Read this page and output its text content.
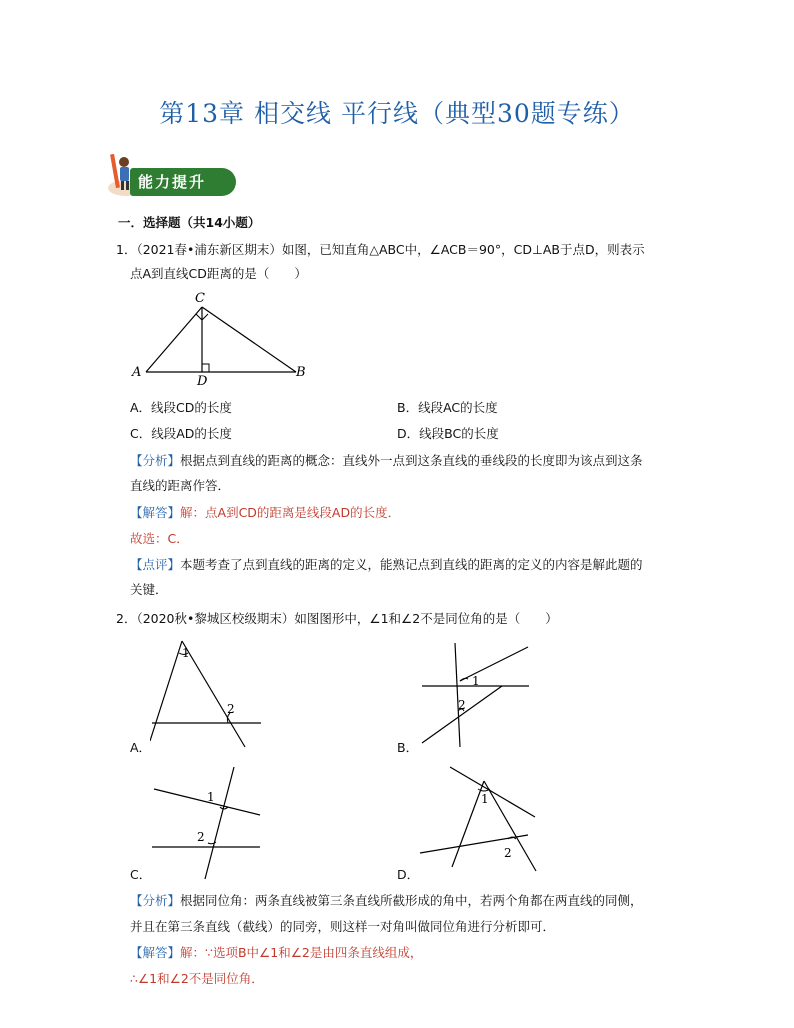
第13章 相交线 平行线（典型30题专练）
能力提升
一．选择题（共14小题）
1．（2021春•浦东新区期末）如图，已知直角△ABC中，∠ACB＝90°，CD⊥AB于点D，则表示
点A到直线CD距离的是（　　）
C
A	B
D
A．线段CD的长度	B．线段AC的长度
C．线段AD的长度	D．线段BC的长度
【分析】根据点到直线的距离的概念：直线外一点到这条直线的垂线段的长度即为该点到这条
直线的距离作答．
【解答】解：点A到CD的距离是线段AD的长度．
故选：C．
【点评】本题考查了点到直线的距离的定义，能熟记点到直线的距离的定义的内容是解此题的
关键．
2．（2020秋•黎城区校级期末）如图图形中，∠1和∠2不是同位角的是（　　）
1
2
A．
1
2
B．
1
2
C．
1
2
D．
【分析】根据同位角：两条直线被第三条直线所截形成的角中，若两个角都在两直线的同侧，
并且在第三条直线（截线）的同旁，则这样一对角叫做同位角进行分析即可．
【解答】解：∵选项B中∠1和∠2是由四条直线组成，
∴∠1和∠2不是同位角．
